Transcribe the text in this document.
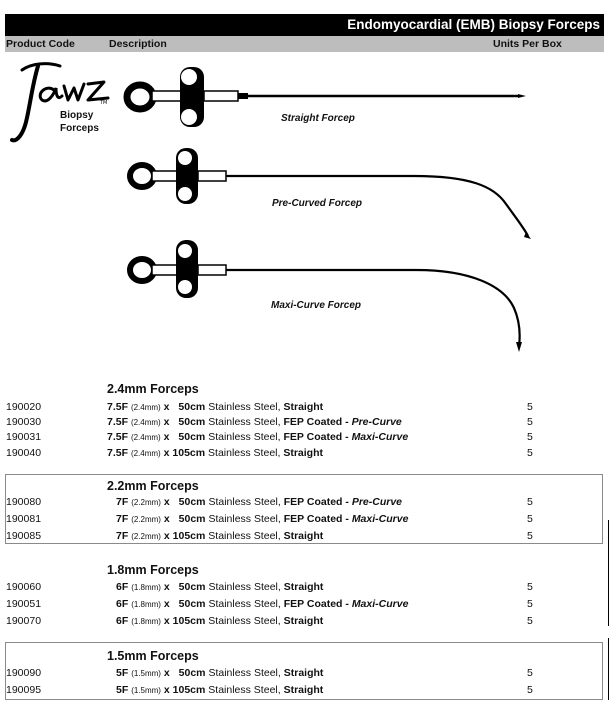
Endomyocardial (EMB) Biopsy Forceps
Product Code	Description	Units Per Box
TM
Biopsy
Forceps
Straight Forcep
Pre-Curved Forcep
Maxi-Curve Forcep
2.4mm Forceps
190020	7.5F (2.4mm) x 50cm Stainless Steel, Straight	5
190030	7.5F (2.4mm) x 50cm Stainless Steel, FEP Coated - Pre-Curve	5
190031	7.5F (2.4mm) x 50cm Stainless Steel, FEP Coated - Maxi-Curve	5
190040	7.5F (2.4mm) x 105cm Stainless Steel, Straight	5
2.2mm Forceps
190080	7F (2.2mm) x 50cm Stainless Steel, FEP Coated - Pre-Curve	5
190081	7F (2.2mm) x 50cm Stainless Steel, FEP Coated - Maxi-Curve	5
190085	7F (2.2mm) x 105cm Stainless Steel, Straight	5
1.8mm Forceps
190060	6F (1.8mm) x 50cm Stainless Steel, Straight	5
190051	6F (1.8mm) x 50cm Stainless Steel, FEP Coated - Maxi-Curve	5
190070	6F (1.8mm) x 105cm Stainless Steel, Straight	5
1.5mm Forceps
190090	5F (1.5mm) x 50cm Stainless Steel, Straight	5
190095	5F (1.5mm) x 105cm Stainless Steel, Straight	5
